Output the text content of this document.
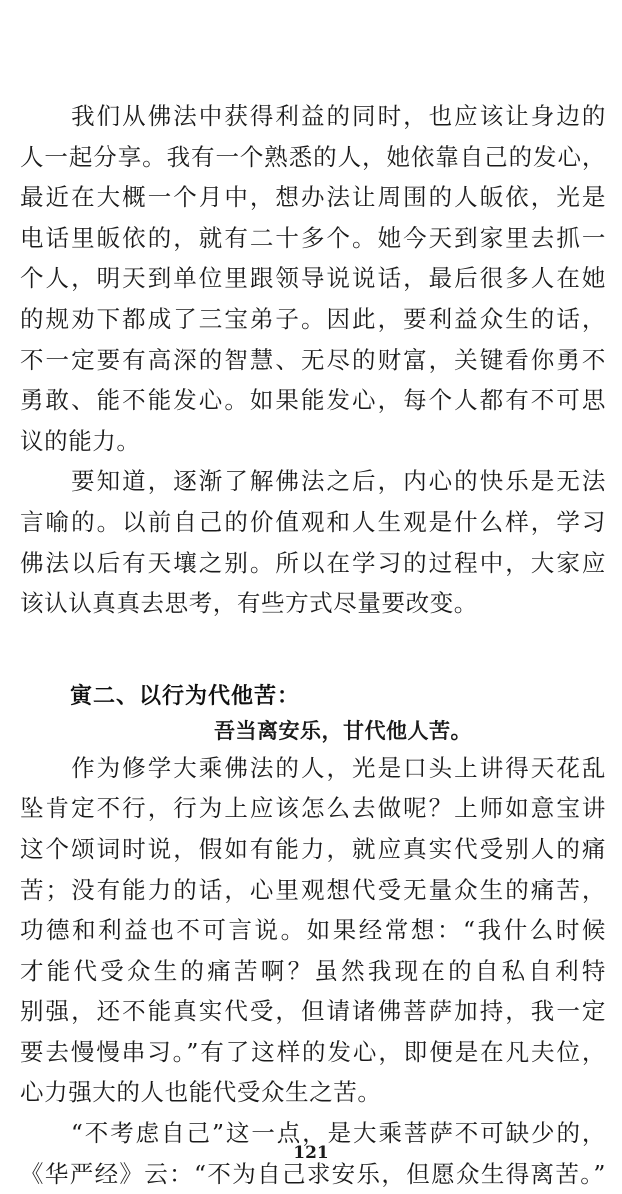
　　我们从佛法中获得利益的同时，也应该让身边的

人一起分享。我有一个熟悉的人，她依靠自己的发心，

最近在大概一个月中，想办法让周围的人皈依，光是

电话里皈依的，就有二十多个。她今天到家里去抓一

个人，明天到单位里跟领导说说话，最后很多人在她

的规劝下都成了三宝弟子。因此，要利益众生的话，

不一定要有高深的智慧、无尽的财富，关键看你勇不

勇敢、能不能发心。如果能发心，每个人都有不可思

议的能力。

　　要知道，逐渐了解佛法之后，内心的快乐是无法

言喻的。以前自己的价值观和人生观是什么样，学习

佛法以后有天壤之别。所以在学习的过程中，大家应

该认认真真去思考，有些方式尽量要改变。

寅二、以行为代他苦：
吾当离安乐，甘代他人苦。

　　作为修学大乘佛法的人，光是口头上讲得天花乱

坠肯定不行，行为上应该怎么去做呢？上师如意宝讲

这个颂词时说，假如有能力，就应真实代受别人的痛

苦；没有能力的话，心里观想代受无量众生的痛苦，

功德和利益也不可言说。如果经常想：“我什么时候

才能代受众生的痛苦啊？虽然我现在的自私自利特

别强，还不能真实代受，但请诸佛菩萨加持，我一定

要去慢慢串习。”有了这样的发心，即便是在凡夫位，

心力强大的人也能代受众生之苦。

　　“不考虑自己”这一点，是大乘菩萨不可缺少的，

《华严经》云：“不为自己求安乐，但愿众生得离苦。”

121
